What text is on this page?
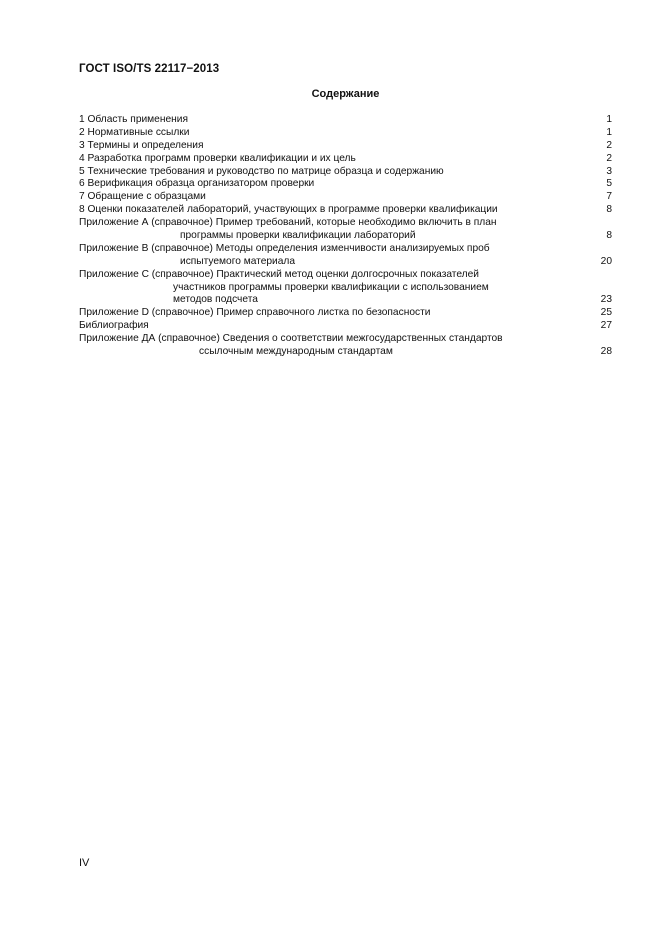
ГОСТ ISO/TS 22117−2013
Содержание
1 Область применения	1
2 Нормативные ссылки	1
3 Термины и определения	2
4 Разработка программ проверки квалификации и их цель	2
5 Технические требования и руководство по матрице образца и содержанию	3
6 Верификация образца организатором проверки	5
7 Обращение с образцами	7
8 Оценки показателей лабораторий, участвующих в программе проверки квалификации	8
Приложение А (справочное) Пример требований, которые необходимо включить в план
программы проверки квалификации лабораторий	8
Приложение В (справочное) Методы определения изменчивости анализируемых проб
испытуемого материала	20
Приложение С (справочное) Практический метод оценки долгосрочных показателей
участников программы проверки квалификации с использованием
методов подсчета	23
Приложение D (справочное) Пример справочного листка по безопасности	25
Библиография	27
Приложение ДА (справочное) Сведения о соответствии межгосударственных стандартов
ссылочным международным стандартам	28
IV
